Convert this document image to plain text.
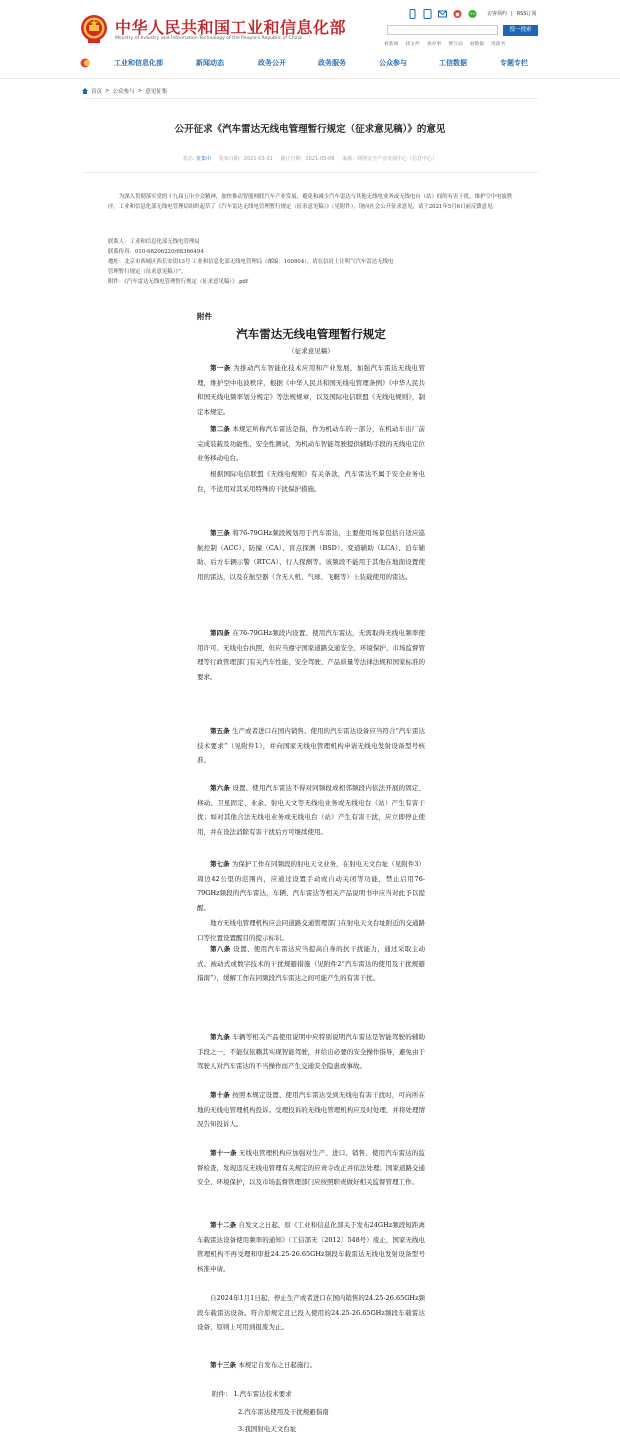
中华人民共和国工业和信息化部
Ministry of Industry and Information Technology of the People's Republic of China
访客预约 | RSS订阅
搜一搜索
看新闻 找文件 查办事 要互动 看数据 用政务
工业和信息化部	新闻动态	政务公开	政务服务	公众参与	工信数据	专题专栏
首页 > 公众参与 > 意见征集
公开征求《汽车雷达无线电管理暂行规定（征求意见稿）》的意见
状态: 征集中 发布日期：2021-03-31 截止日期：2021-05-06 来源：网络安全产业发展中心（信息中心）

为深入贯彻落实党的十九届五中全会精神，加快推动智能网联汽车产业发展，避免和减少汽车雷达与其他无线电业务或无线电台（站）间的有害干扰，维护空中电波秩序，工业和信息化部无线电管理局组织起草了《汽车雷达无线电管理暂行规定（征求意见稿）》（见附件），现向社会公开征求意见，请于2021年5月6日前反馈意见。

联系人：工业和信息化部无线电管理局
联系传真：010-68206220/68366494
地址：北京市西城区西长安街13号 工业和信息化部无线电管理局（邮编：100804），请在信封上注明“《汽车雷达无线电
管理暂行规定（征求意见稿）》”。
附件：《汽车雷达无线电管理暂行规定（征求意见稿）》.pdf
附件
汽车雷达无线电管理暂行规定
（征求意见稿）
第一条 为推动汽车智能化技术应用和产业发展，加强汽车雷达无线电管理，维护空中电波秩序，根据《中华人民共和国无线电管理条例》《中华人民共和国无线电频率划分规定》等法规规章，以及国际电信联盟《无线电规则》，制定本规定。
第二条 本规定所称汽车雷达是指，作为机动车的一部分，在机动车出厂前完成装载及功能性、安全性测试，为机动车智能驾驶提供辅助手段的无线电定位业务移动电台。
根据国际电信联盟《无线电规则》有关条款，汽车雷达不属于安全业务电台，不适用对其采用特殊的干扰保护措施。
第三条 将76-79GHz频段规划用于汽车雷达，主要使用场景包括自适应巡航控制（ACC）、防撞（CA）、盲点探测（BSD）、变道辅助（LCA）、泊车辅助、后方车辆示警（RTCA）、行人探测等。该频段不能用于其他在地面设置使用的雷达，以及在航空器（含无人机、气球、飞艇等）上装载使用的雷达。
第四条 在76-79GHz频段内设置、使用汽车雷达，无需取得无线电频率使用许可、无线电台执照，但应当遵守国家道路交通安全、环境保护、市场监督管理等行政管理部门有关汽车性能、安全驾驶、产品质量等法律法规和国家标准的要求。
第五条 生产或者进口在国内销售、使用的汽车雷达设备应当符合“汽车雷达技术要求”（见附件1），并向国家无线电管理机构申请无线电发射设备型号核准。
第六条 设置、使用汽车雷达不得对同频段或相邻频段内依法开展的固定、移动、卫星固定、业余、射电天文等无线电业务或无线电台（站）产生有害干扰；如对其他合法无线电业务或无线电台（站）产生有害干扰，应立即停止使用，并在设法消除有害干扰后方可继续使用。
第七条 为保护工作在同频段的射电天文业务，在射电天文台址（见附件3）周边42公里的范围内，应通过设置手动或自动关闭等功能，禁止启用76-79GHz频段的汽车雷达，车辆、汽车雷达等相关产品说明书中应当对此予以提醒。
地方无线电管理机构应会同道路交通管理部门在射电天文台址附近的交通路口等位置设置醒目的提示标识。
第八条 设置、使用汽车雷达应当提高自身的抗干扰能力，通过采取主动式、被动式或数字技术的干扰规避措施（见附件2“汽车雷达的使用及干扰规避指南”），缓解工作在同频段汽车雷达之间可能产生的有害干扰。
第九条 车辆等相关产品使用说明中应特别说明汽车雷达是智能驾驶的辅助手段之一，不能仅依赖其实现智能驾驶，并给出必要的安全操作指导，避免由于驾驶人对汽车雷达的不当操作而产生交通安全隐患或事故。
第十条 按照本规定设置、使用汽车雷达受到无线电有害干扰时，可向所在地的无线电管理机构投诉。受理投诉的无线电管理机构应及时处理，并将处理情况告知投诉人。
第十一条 无线电管理机构应加强对生产、进口、销售、使用汽车雷达的监督检查，发现违反无线电管理有关规定的应责令改正并依法处理；国家道路交通安全、环境保护，以及市场监督管理部门应按照职责做好相关监督管理工作。
第十二条 自发文之日起，原《工业和信息化部关于发布24GHz频段短距离车载雷达设备使用频率的通知》（工信部无〔2012〕548号）废止，国家无线电管理机构不再受理和审批24.25-26.65GHz频段车载雷达无线电发射设备型号核准申请。
自2024年1月1日起，停止生产或者进口在国内销售的24.25-26.65GHz频段车载雷达设备。符合原规定且已投入使用的24.25-26.65GHz频段车载雷达设备，原则上可用到报废为止。
第十三条 本规定自发布之日起施行。
附件： 1.汽车雷达技术要求
2.汽车雷达使用及干扰规避指南
3.我国射电天文台址
